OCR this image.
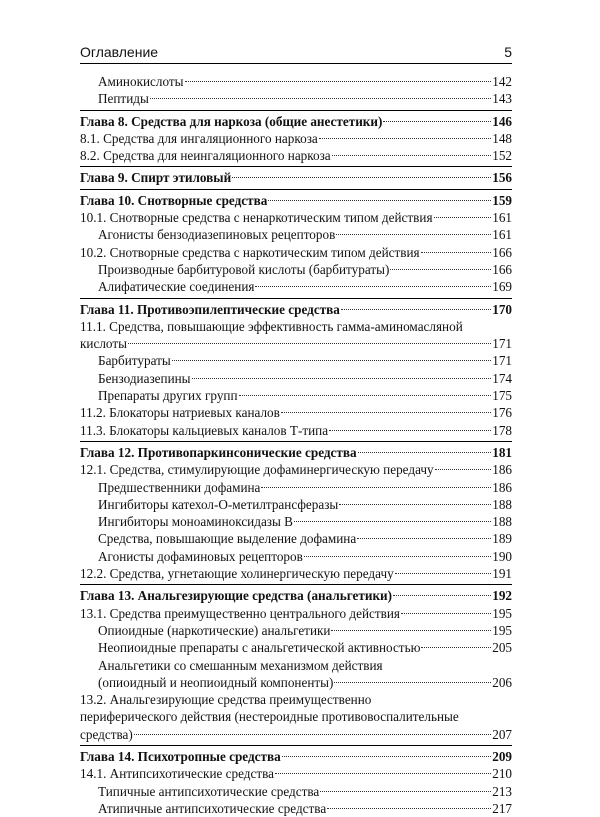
Оглавление	5
Аминокислоты	142
Пептиды	143
Глава 8. Средства для наркоза (общие анестетики)	146
8.1. Средства для ингаляционного наркоза	148
8.2. Средства для неингаляционного наркоза	152
Глава 9. Спирт этиловый	156
Глава 10. Снотворные средства	159
10.1. Снотворные средства с ненаркотическим типом действия	161
Агонисты бензодиазепиновых рецепторов	161
10.2. Снотворные средства с наркотическим типом действия	166
Производные барбитуровой кислоты (барбитураты)	166
Алифатические соединения	169
Глава 11. Противоэпилептические средства	170
11.1. Средства, повышающие эффективность гамма-аминомасляной
кислоты	171
Барбитураты	171
Бензодиазепины	174
Препараты других групп	175
11.2. Блокаторы натриевых каналов	176
11.3. Блокаторы кальциевых каналов Т-типа	178
Глава 12. Противопаркинсонические средства	181
12.1. Средства, стимулирующие дофаминергическую передачу	186
Предшественники дофамина	186
Ингибиторы катехол-О-метилтрансферазы	188
Ингибиторы моноаминоксидазы В	188
Средства, повышающие выделение дофамина	189
Агонисты дофаминовых рецепторов	190
12.2. Средства, угнетающие холинергическую передачу	191
Глава 13. Анальгезирующие средства (анальгетики)	192
13.1. Средства преимущественно центрального действия	195
Опиоидные (наркотические) анальгетики	195
Неопиоидные препараты с анальгетической активностью	205
Анальгетики со смешанным механизмом действия
(опиоидный и неопиоидный компоненты)	206
13.2. Анальгезирующие средства преимущественно
периферического действия (нестероидные противовоспалительные
средства)	207
Глава 14. Психотропные средства	209
14.1. Антипсихотические средства	210
Типичные антипсихотические средства	213
Атипичные антипсихотические средства	217
